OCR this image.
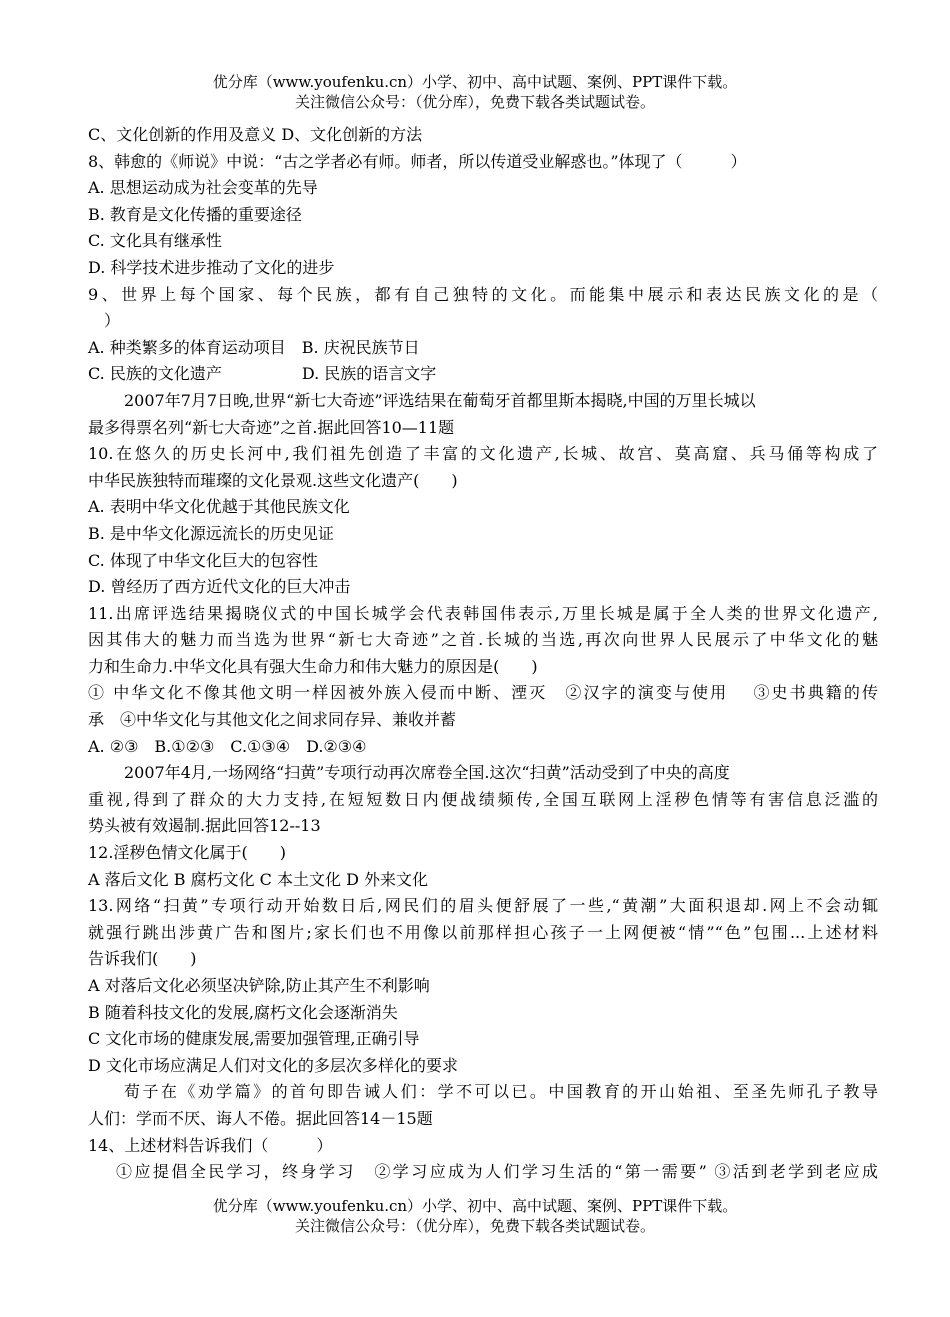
优分库（www.youfenku.cn）小学、初中、高中试题、案例、PPT课件下载。
关注微信公众号：（优分库），免费下载各类试题试卷。
C、文化创新的作用及意义 D、文化创新的方法
8、韩愈的《师说》中说：“古之学者必有师。师者，所以传道受业解惑也。”体现了（　　　）
A. 思想运动成为社会变革的先导
B. 教育是文化传播的重要途径
C. 文化具有继承性
D. 科学技术进步推动了文化的进步
9、世界上每个国家、每个民族，都有自己独特的文化。而能集中展示和表达民族文化的是（
　）
A. 种类繁多的体育运动项目　B. 庆祝民族节日
C. 民族的文化遗产　　　　　D. 民族的语言文字
2007年7月7日晚,世界“新七大奇迹”评选结果在葡萄牙首都里斯本揭晓,中国的万里长城以
最多得票名列“新七大奇迹”之首.据此回答10—11题
10.在悠久的历史长河中,我们祖先创造了丰富的文化遗产,长城、故宫、莫高窟、兵马俑等构成了
中华民族独特而璀璨的文化景观.这些文化遗产(　　)
A. 表明中华文化优越于其他民族文化
B. 是中华文化源远流长的历史见证
C. 体现了中华文化巨大的包容性
D. 曾经历了西方近代文化的巨大冲击
11.出席评选结果揭晓仪式的中国长城学会代表韩国伟表示,万里长城是属于全人类的世界文化遗产,
因其伟大的魅力而当选为世界“新七大奇迹”之首.长城的当选,再次向世界人民展示了中华文化的魅
力和生命力.中华文化具有强大生命力和伟大魅力的原因是(　　)
① 中华文化不像其他文明一样因被外族入侵而中断、湮灭　②汉字的演变与使用　 ③史书典籍的传
承　④中华文化与其他文化之间求同存异、兼收并蓄
A. ②③　B.①②③　C.①③④　D.②③④
2007年4月,一场网络“扫黄”专项行动再次席卷全国.这次“扫黄”活动受到了中央的高度
重视,得到了群众的大力支持,在短短数日内便战绩频传,全国互联网上淫秽色情等有害信息泛滥的
势头被有效遏制.据此回答12--13
12.淫秽色情文化属于(　　)
A 落后文化 B 腐朽文化 C 本土文化 D 外来文化
13.网络“扫黄”专项行动开始数日后,网民们的眉头便舒展了一些,“黄潮”大面积退却.网上不会动辄
就强行跳出涉黄广告和图片;家长们也不用像以前那样担心孩子一上网便被“情”“色”包围...上述材料
告诉我们(　　)
A 对落后文化必须坚决铲除,防止其产生不利影响
B 随着科技文化的发展,腐朽文化会逐渐消失
C 文化市场的健康发展,需要加强管理,正确引导
D 文化市场应满足人们对文化的多层次多样化的要求
荀子在《劝学篇》的首句即告诫人们：学不可以已。中国教育的开山始祖、至圣先师孔子教导
人们：学而不厌、诲人不倦。据此回答14－15题
14、上述材料告诉我们（　　　）
①应提倡全民学习，终身学习　②学习应成为人们学习生活的“第一需要” ③活到老学到老应成
优分库（www.youfenku.cn）小学、初中、高中试题、案例、PPT课件下载。
关注微信公众号：（优分库），免费下载各类试题试卷。
